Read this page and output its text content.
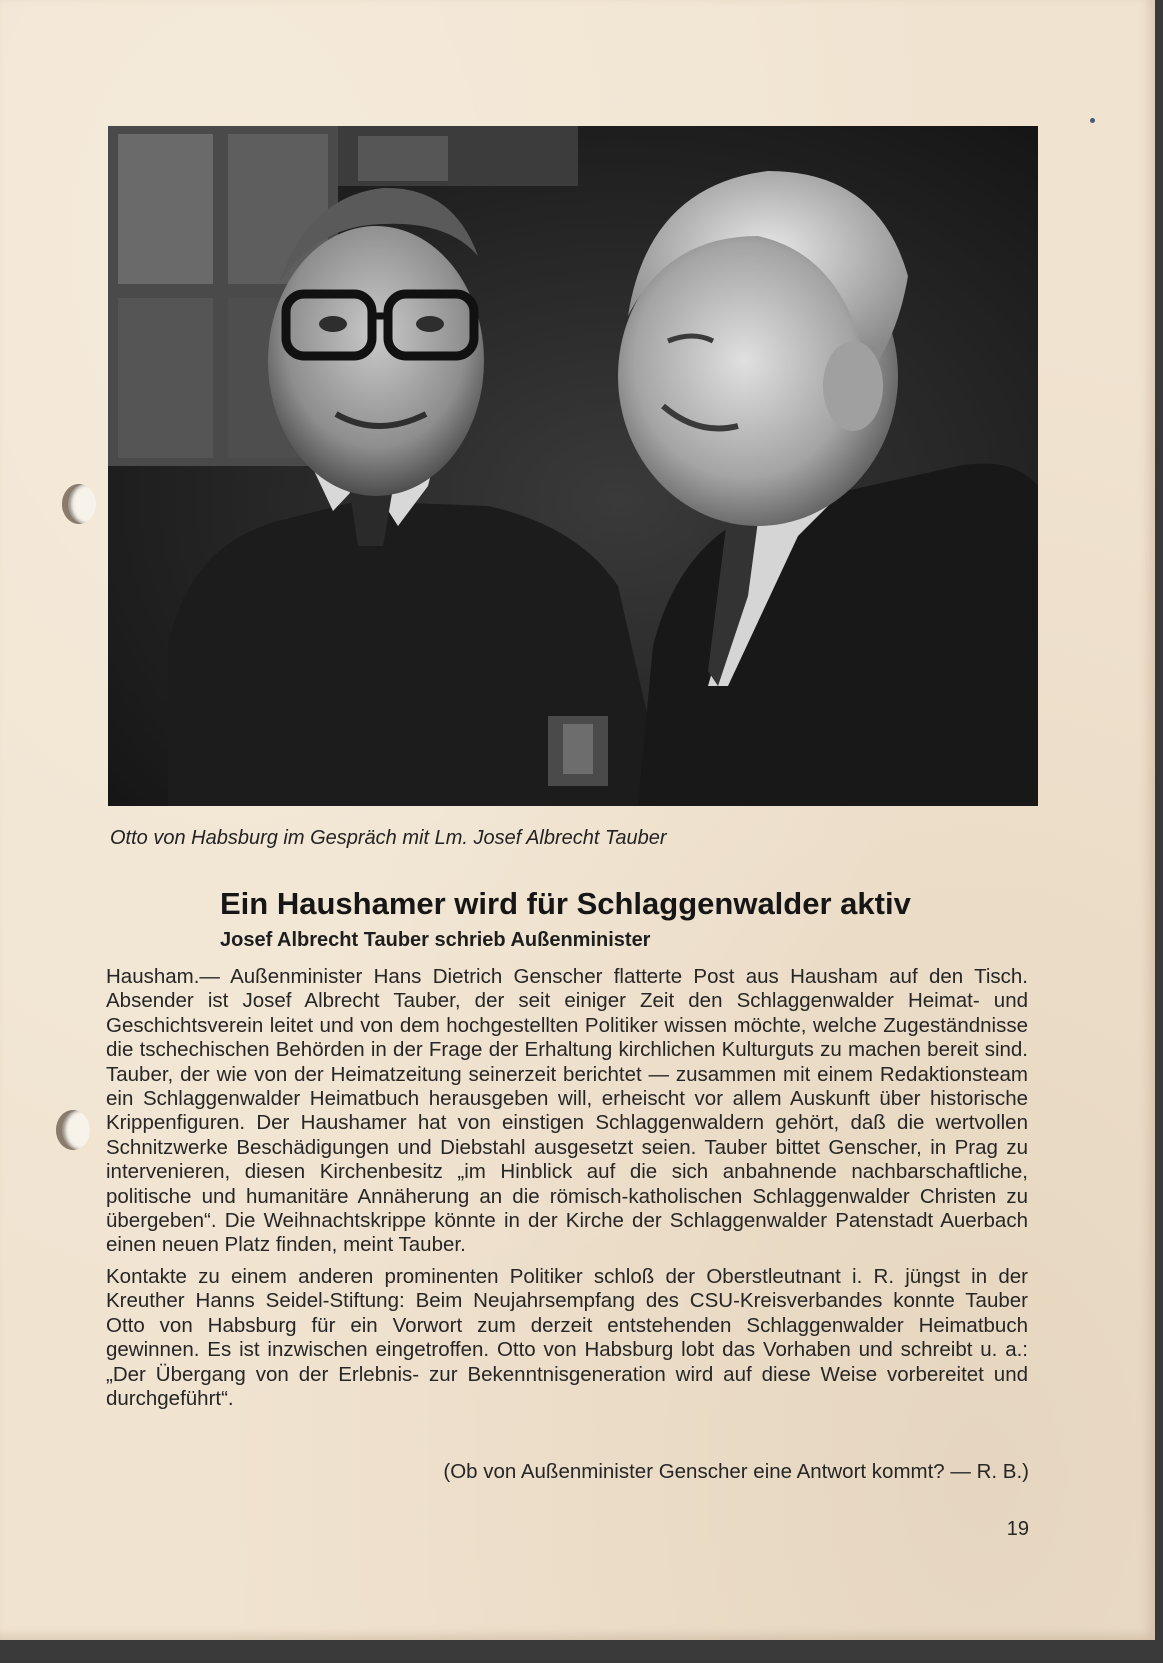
Otto von Habsburg im Gespräch mit Lm. Josef Albrecht Tauber
Ein Haushamer wird für Schlaggenwalder aktiv
Josef Albrecht Tauber schrieb Außenminister

Hausham.— Außenminister Hans Dietrich Genscher flatterte Post aus Hausham auf den Tisch. Absender ist Josef Albrecht Tauber, der seit einiger Zeit den Schlaggenwalder Heimat- und Geschichtsverein leitet und von dem hochgestellten Politiker wissen möchte, welche Zugeständnisse die tschechischen Behörden in der Frage der Erhaltung kirchlichen Kulturguts zu machen bereit sind. Tauber, der wie von der Heimatzeitung seinerzeit berichtet — zusammen mit einem Redaktionsteam ein Schlaggenwalder Heimatbuch herausgeben will, erheischt vor allem Auskunft über historische Krippenfiguren. Der Haushamer hat von einstigen Schlaggenwaldern gehört, daß die wertvollen Schnitzwerke Beschädigungen und Diebstahl ausgesetzt seien. Tauber bittet Genscher, in Prag zu intervenieren, diesen Kirchenbesitz „im Hinblick auf die sich anbahnende nachbarschaftliche, politische und humanitäre Annäherung an die römisch-katholischen Schlaggenwalder Christen zu übergeben“. Die Weihnachtskrippe könnte in der Kirche der Schlaggenwalder Patenstadt Auerbach einen neuen Platz finden, meint Tauber.

Kontakte zu einem anderen prominenten Politiker schloß der Oberstleutnant i. R. jüngst in der Kreuther Hanns Seidel-Stiftung: Beim Neujahrsempfang des CSU-Kreisverbandes konnte Tauber Otto von Habsburg für ein Vorwort zum derzeit entstehenden Schlaggenwalder Heimatbuch gewinnen. Es ist inzwischen eingetroffen. Otto von Habsburg lobt das Vorhaben und schreibt u. a.: „Der Übergang von der Erlebnis- zur Bekenntnisgeneration wird auf diese Weise vorbereitet und durchgeführt“.

(Ob von Außenminister Genscher eine Antwort kommt? — R. B.)
19
